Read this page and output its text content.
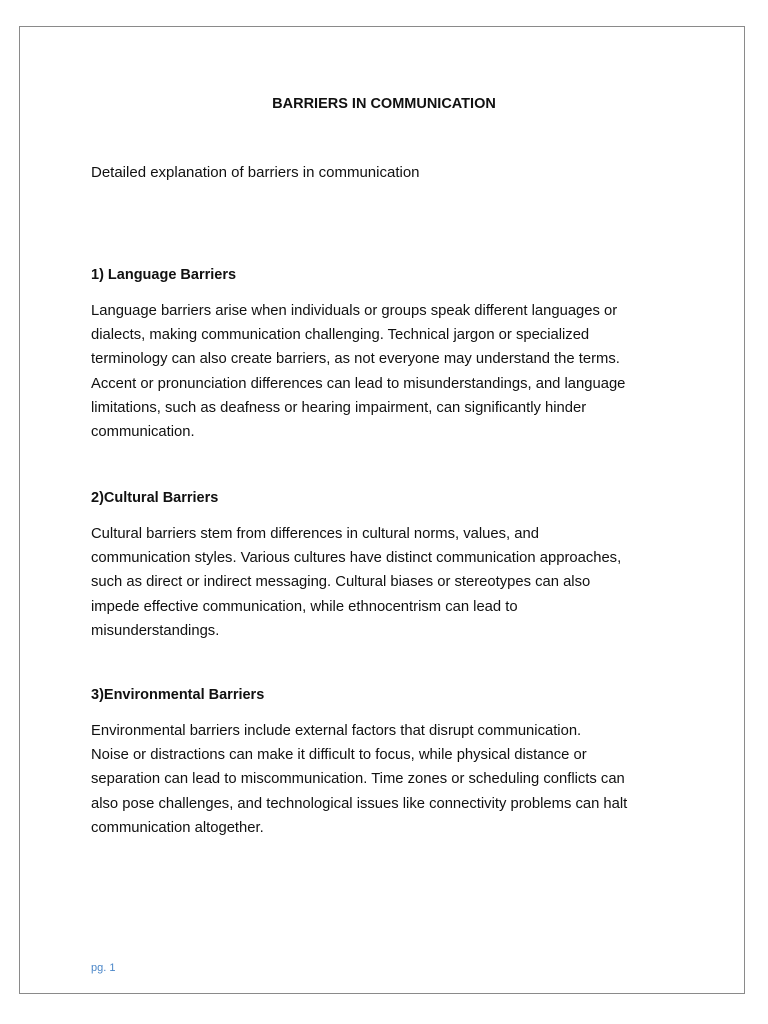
BARRIERS IN COMMUNICATION
Detailed explanation of barriers in communication
1) Language Barriers

Language barriers arise when individuals or groups speak different languages or
dialects, making communication challenging. Technical jargon or specialized
terminology can also create barriers, as not everyone may understand the terms.
Accent or pronunciation differences can lead to misunderstandings, and language
limitations, such as deafness or hearing impairment, can significantly hinder
communication.

2)Cultural Barriers

Cultural barriers stem from differences in cultural norms, values, and
communication styles. Various cultures have distinct communication approaches,
such as direct or indirect messaging. Cultural biases or stereotypes can also
impede effective communication, while ethnocentrism can lead to
misunderstandings.

3)Environmental Barriers

Environmental barriers include external factors that disrupt communication.
Noise or distractions can make it difficult to focus, while physical distance or
separation can lead to miscommunication. Time zones or scheduling conflicts can
also pose challenges, and technological issues like connectivity problems can halt
communication altogether.

pg. 1
